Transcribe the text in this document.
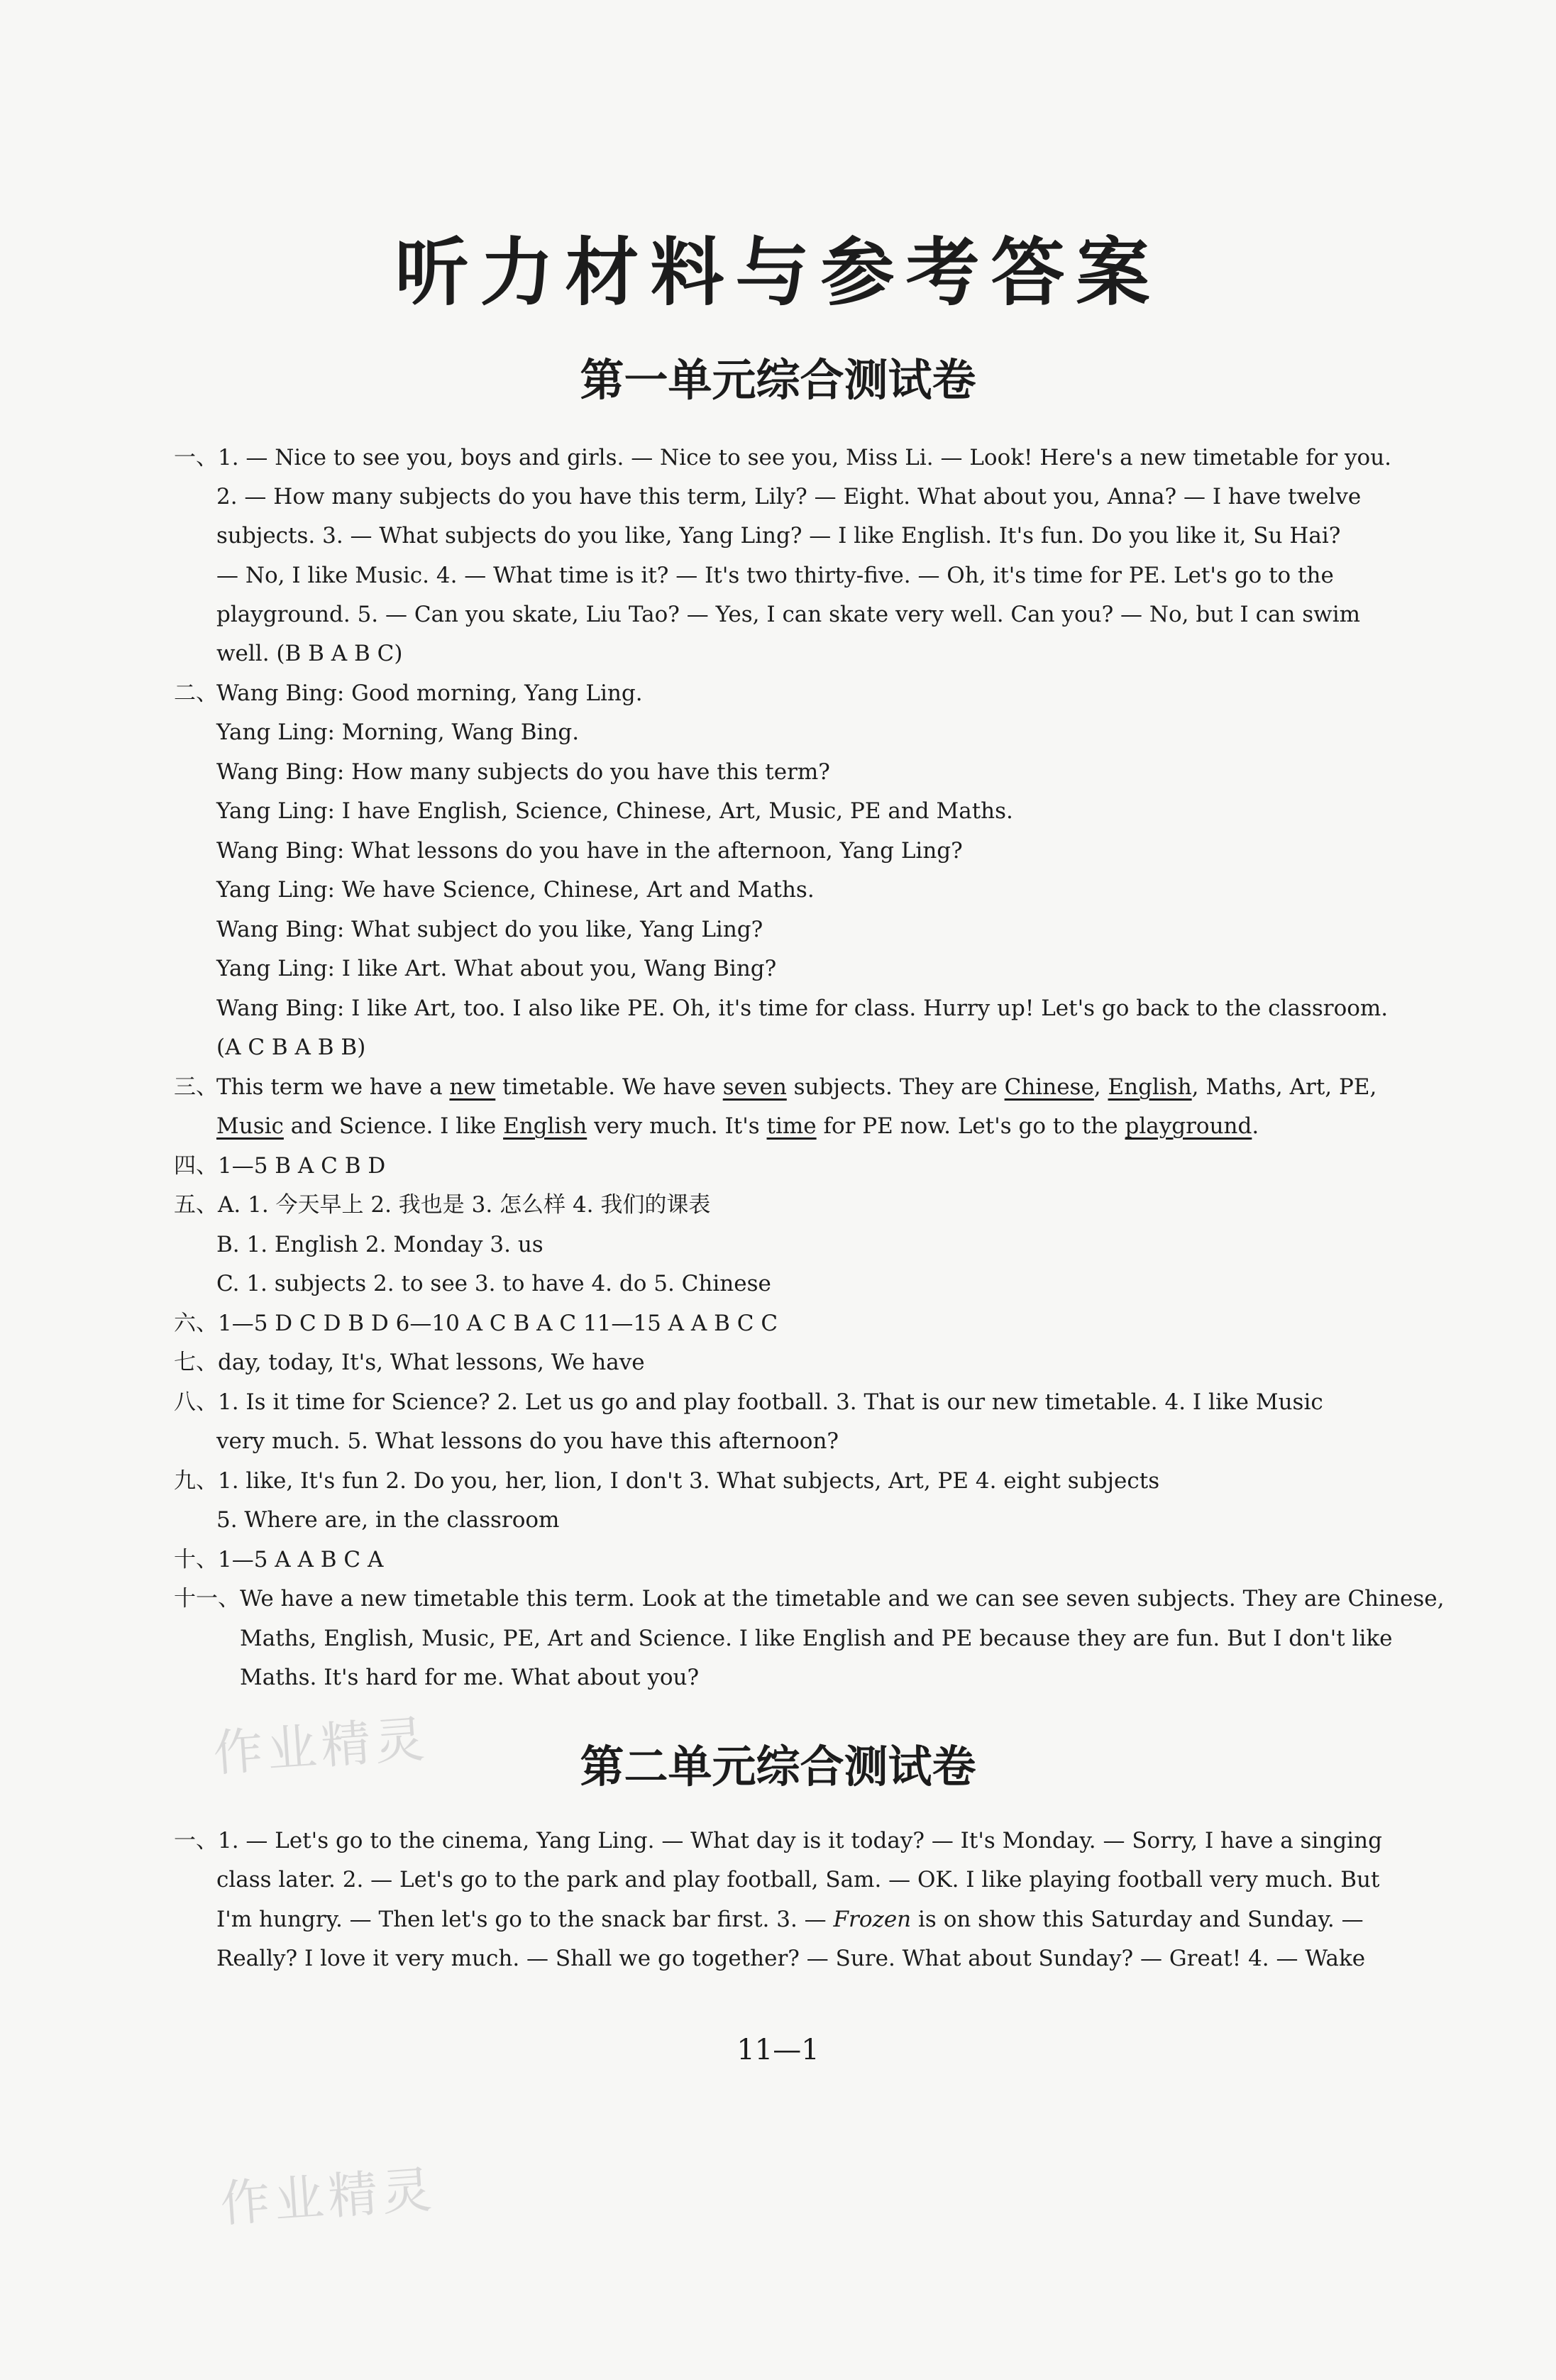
听力材料与参考答案
第一单元综合测试卷
一、1. — Nice to see you, boys and girls. — Nice to see you, Miss Li. — Look! Here's a new timetable for you.
2. — How many subjects do you have this term, Lily? — Eight. What about you, Anna? — I have twelve
subjects. 3. — What subjects do you like, Yang Ling? — I like English. It's fun. Do you like it, Su Hai?
— No, I like Music. 4. — What time is it? — It's two thirty-five. — Oh, it's time for PE. Let's go to the
playground. 5. — Can you skate, Liu Tao? — Yes, I can skate very well. Can you? — No, but I can swim
well. (B B A B C)
二、
Wang Bing: Good morning, Yang Ling.
Yang Ling: Morning, Wang Bing.
Wang Bing: How many subjects do you have this term?
Yang Ling: I have English, Science, Chinese, Art, Music, PE and Maths.
Wang Bing: What lessons do you have in the afternoon, Yang Ling?
Yang Ling: We have Science, Chinese, Art and Maths.
Wang Bing: What subject do you like, Yang Ling?
Yang Ling: I like Art. What about you, Wang Bing?
Wang Bing: I like Art, too. I also like PE. Oh, it's time for class. Hurry up! Let's go back to the classroom.
(A C B A B B)
三、
This term we have a new timetable. We have seven subjects. They are Chinese, English, Maths, Art, PE,
Music and Science. I like English very much. It's time for PE now. Let's go to the playground.
四、1—5 B A C B D
五、A. 1. 今天早上 2. 我也是 3. 怎么样 4. 我们的课表
B. 1. English 2. Monday 3. us
C. 1. subjects 2. to see 3. to have 4. do 5. Chinese
六、1—5 D C D B D 6—10 A C B A C 11—15 A A B C C
七、day, today, It's, What lessons, We have
八、1. Is it time for Science? 2. Let us go and play football. 3. That is our new timetable. 4. I like Music
very much. 5. What lessons do you have this afternoon?
九、1. like, It's fun 2. Do you, her, lion, I don't 3. What subjects, Art, PE 4. eight subjects
5. Where are, in the classroom
十、1—5 A A B C A
十一、We have a new timetable this term. Look at the timetable and we can see seven subjects. They are Chinese,
Maths, English, Music, PE, Art and Science. I like English and PE because they are fun. But I don't like
Maths. It's hard for me. What about you?
作业精灵
作业精灵
第二单元综合测试卷
一、1. — Let's go to the cinema, Yang Ling. — What day is it today? — It's Monday. — Sorry, I have a singing
class later. 2. — Let's go to the park and play football, Sam. — OK. I like playing football very much. But
I'm hungry. — Then let's go to the snack bar first. 3. — Frozen is on show this Saturday and Sunday. —
Really? I love it very much. — Shall we go together? — Sure. What about Sunday? — Great! 4. — Wake
11—1
